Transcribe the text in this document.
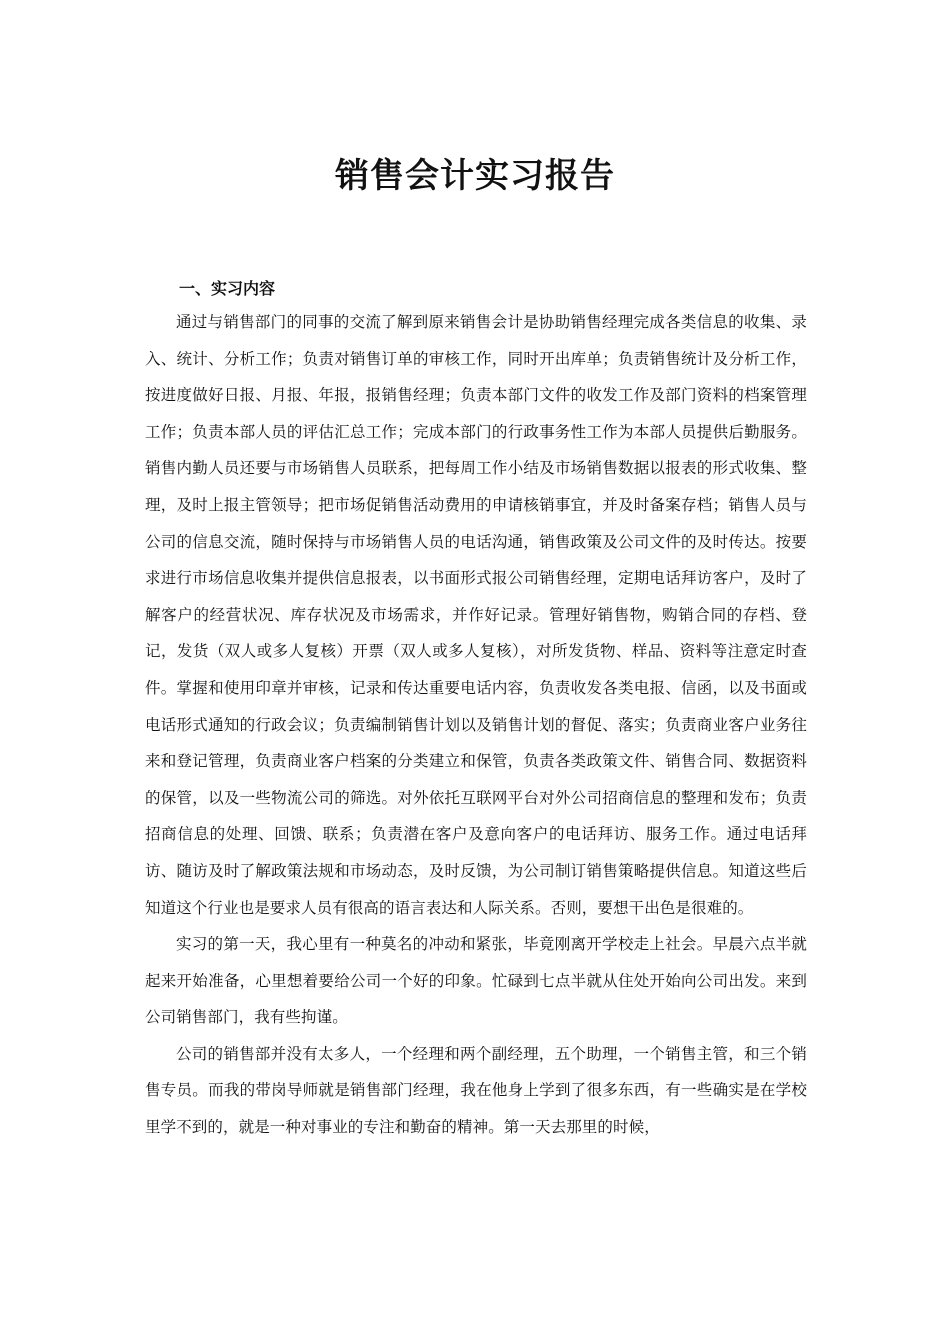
销售会计实习报告
一、实习内容

通过与销售部门的同事的交流了解到原来销售会计是协助销售经理完成各类信息的收集、录入、统计、分析工作；负责对销售订单的审核工作，同时开出库单；负责销售统计及分析工作，按进度做好日报、月报、年报，报销售经理；负责本部门文件的收发工作及部门资料的档案管理工作；负责本部人员的评估汇总工作；完成本部门的行政事务性工作为本部人员提供后勤服务。销售内勤人员还要与市场销售人员联系，把每周工作小结及市场销售数据以报表的形式收集、整理，及时上报主管领导；把市场促销售活动费用的申请核销事宜，并及时备案存档；销售人员与公司的信息交流，随时保持与市场销售人员的电话沟通，销售政策及公司文件的及时传达。按要求进行市场信息收集并提供信息报表，以书面形式报公司销售经理，定期电话拜访客户，及时了解客户的经营状况、库存状况及市场需求，并作好记录。管理好销售物，购销合同的存档、登记，发货（双人或多人复核）开票（双人或多人复核），对所发货物、样品、资料等注意定时查件。掌握和使用印章并审核，记录和传达重要电话内容，负责收发各类电报、信函，以及书面或电话形式通知的行政会议；负责编制销售计划以及销售计划的督促、落实；负责商业客户业务往来和登记管理，负责商业客户档案的分类建立和保管，负责各类政策文件、销售合同、数据资料的保管，以及一些物流公司的筛选。对外依托互联网平台对外公司招商信息的整理和发布；负责招商信息的处理、回馈、联系；负责潜在客户及意向客户的电话拜访、服务工作。通过电话拜访、随访及时了解政策法规和市场动态，及时反馈，为公司制订销售策略提供信息。知道这些后知道这个行业也是要求人员有很高的语言表达和人际关系。否则，要想干出色是很难的。

实习的第一天，我心里有一种莫名的冲动和紧张，毕竟刚离开学校走上社会。早晨六点半就起来开始准备，心里想着要给公司一个好的印象。忙碌到七点半就从住处开始向公司出发。来到公司销售部门，我有些拘谨。

公司的销售部并没有太多人，一个经理和两个副经理，五个助理，一个销售主管，和三个销售专员。而我的带岗导师就是销售部门经理，我在他身上学到了很多东西，有一些确实是在学校里学不到的，就是一种对事业的专注和勤奋的精神。第一天去那里的时候，
